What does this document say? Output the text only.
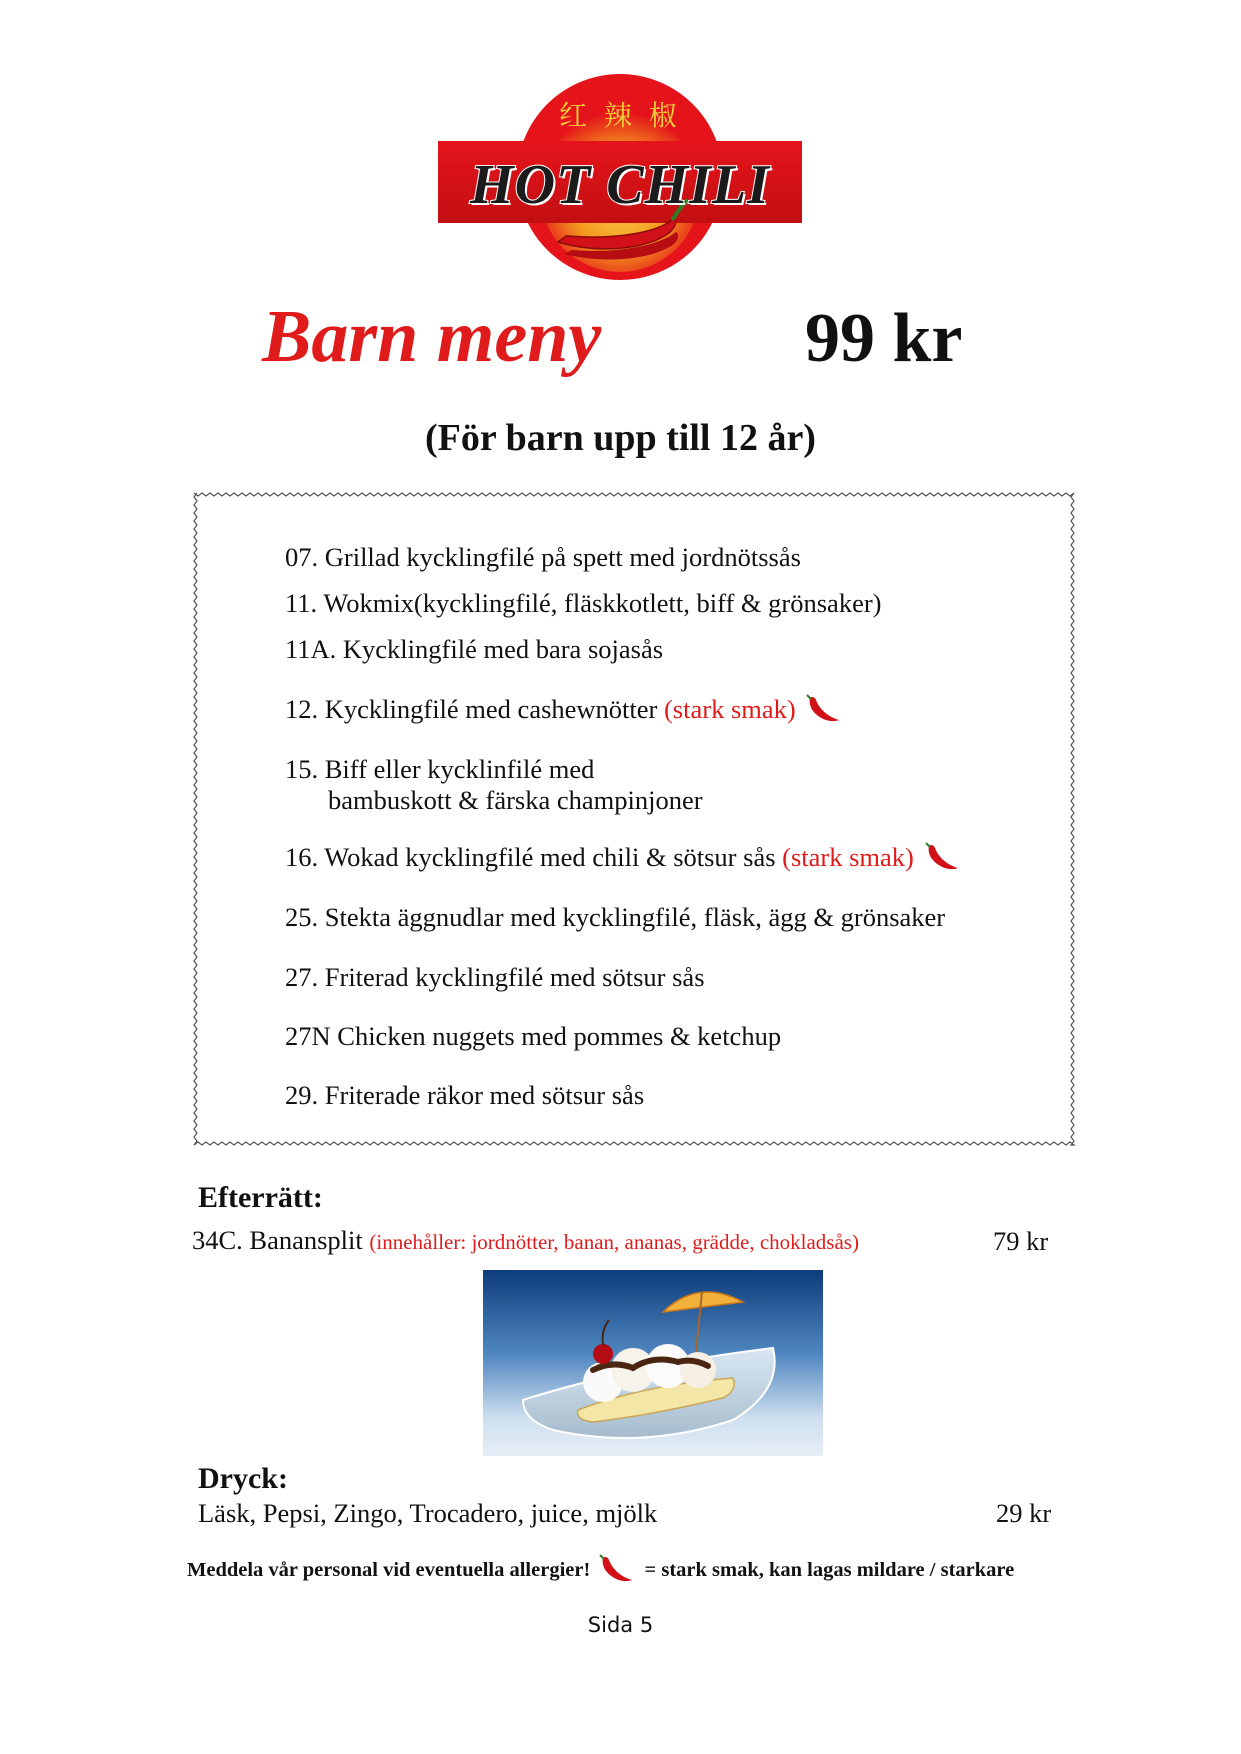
红 辣 椒
HOT CHILI
Barn meny	99 kr
(För barn upp till 12 år)
07. Grillad kycklingfilé på spett med jordnötssås
11. Wokmix(kycklingfilé, fläskkotlett, biff & grönsaker)
11A. Kycklingfilé med bara sojasås
12. Kycklingfilé med cashewnötter (stark smak)
15. Biff eller kycklinfilé med
bambuskott & färska champinjoner
16. Wokad kycklingfilé med chili & sötsur sås (stark smak)
25. Stekta äggnudlar med kycklingfilé, fläsk, ägg & grönsaker
27. Friterad kycklingfilé med sötsur sås
27N Chicken nuggets med pommes & ketchup
29. Friterade räkor med sötsur sås
Efterrätt:
34C. Banansplit (innehåller: jordnötter, banan, ananas, grädde, chokladsås)	79 kr
Dryck:
Läsk, Pepsi, Zingo, Trocadero, juice, mjölk	29 kr
Meddela vår personal vid eventuella allergier!	= stark smak, kan lagas mildare / starkare
Sida 5
